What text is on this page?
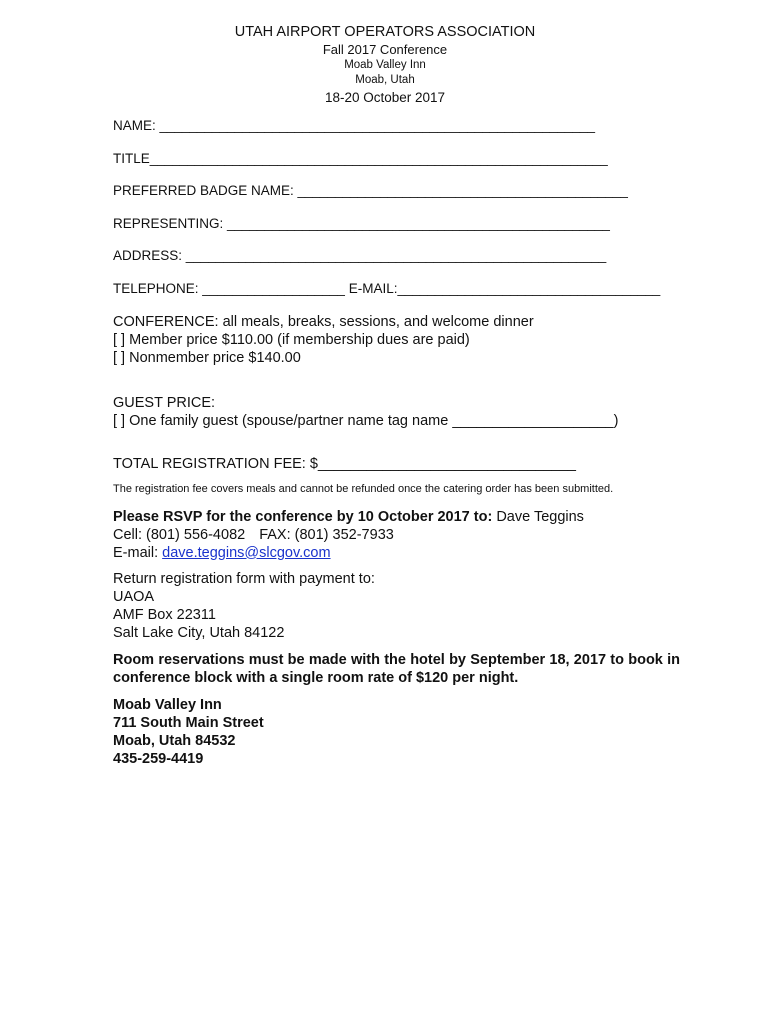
UTAH AIRPORT OPERATORS ASSOCIATION
Fall 2017 Conference
Moab Valley Inn
Moab, Utah
18-20 October 2017
NAME: __________________________________________________________
TITLE_____________________________________________________________
PREFERRED BADGE NAME: ____________________________________________
REPRESENTING: ___________________________________________________
ADDRESS: ________________________________________________________
TELEPHONE: ___________________ E-MAIL:___________________________________
CONFERENCE: all meals, breaks, sessions, and welcome dinner
[ ] Member price $110.00 (if membership dues are paid)
[ ] Nonmember price $140.00
GUEST PRICE:
[ ] One family guest (spouse/partner name tag name ____________________)
TOTAL REGISTRATION FEE: $________________________________
The registration fee covers meals and cannot be refunded once the catering order has been submitted.
Please RSVP for the conference by 10 October 2017 to: Dave Teggins
Cell: (801) 556-4082 FAX: (801) 352-7933
E-mail: dave.teggins@slcgov.com
Return registration form with payment to:
UAOA
AMF Box 22311
Salt Lake City, Utah 84122
Room reservations must be made with the hotel by September 18, 2017 to book in conference block with a single room rate of $120 per night.
Moab Valley Inn
711 South Main Street
Moab, Utah 84532
435-259-4419
